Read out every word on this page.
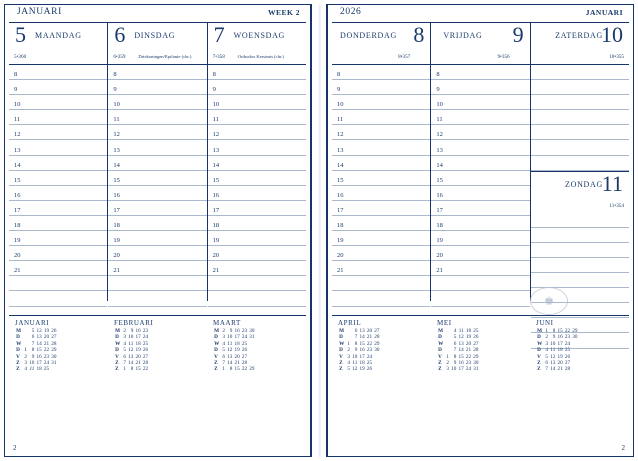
JANUARI	WEEK 2
5 MAANDAG
5•360
8
9
10
11
12
13
14
15
16
17
18
19
20
21
6 DINSDAG
6•359	Driekoningen/Epifanie (chr.)
8
9
10
11
12
13
14
15
16
17
18
19
20
21
7 WOENSDAG
7•358	Orthodox Kerstmis (chr.)
8
9
10
11
12
13
14
15
16
17
18
19
20
21
JANUARI
M		5	12	19	26
D		6	13	20	27
W		7	14	21	28
D	1	8	15	22	29
V	2	9	16	23	30
Z	3	10	17	24	31
Z	4	11	18	25	
FEBRUARI
M	2	9	16	23	
D	3	10	17	24	
W	4	11	18	25	
D	5	12	19	26	
V	6	13	20	27	
Z	7	14	21	28	
Z	1	8	15	22	
MAART
M	2	9	16	23	30
D	3	10	17	24	31
W	4	11	18	25	
D	5	12	19	26	
V	6	13	20	27	
Z	7	14	21	28	
Z	1	8	15	22	29
2
2026	JANUARI
8
DONDERDAG
8•357
8
9
10
11
12
13
14
15
16
17
18
19
20
21
9
VRIJDAG
9•356
8
9
10
11
12
13
14
15
16
17
18
19
20
21
10
ZATERDAG
10•355
11
ZONDAG
11•354
♚
APRIL
M		6	13	20	27
D		7	14	21	28
W	1	8	15	22	29
D	2	9	16	23	30
V	3	10	17	24	
Z	4	11	18	25	
Z	5	12	19	26	
MEI
M		4	11	18	25
D		5	12	19	26
W		6	13	20	27
D		7	14	21	28
V	1	8	15	22	29
Z	2	9	16	23	30
Z	3	10	17	24	31
JUNI
M	1	8	15	22	29
D	2	9	16	23	30
W	3	10	17	24	
D	4	11	18	25	
V	5	12	19	26	
Z	6	13	20	27	
Z	7	14	21	28	
2
